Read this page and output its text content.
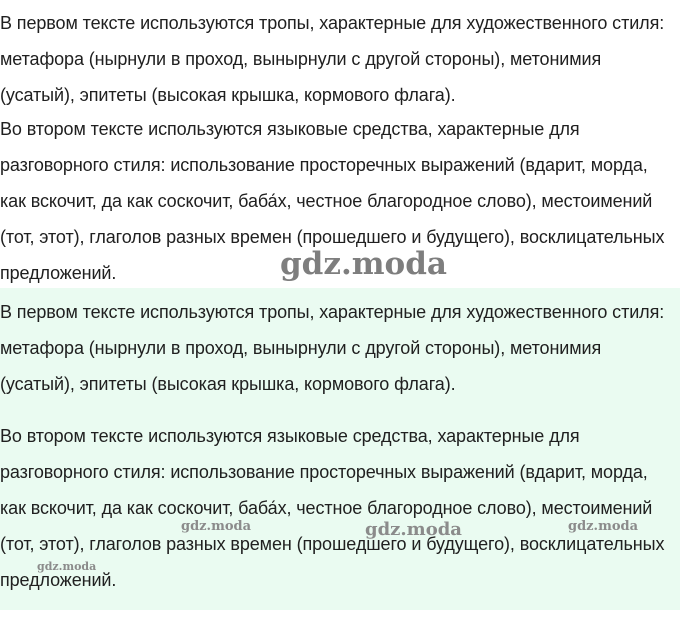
В первом тексте используются тропы, характерные для художественного стиля: метафора (нырнули в проход, вынырнули с другой стороны), метонимия (усатый), эпитеты (высокая крышка, кормового флага).

Во втором тексте используются языковые средства, характерные для разговорного стиля: использование просторечных выражений (вдарит, морда, как вскочит, да как соскочит, баба́х, честное благородное слово), местоимений (тот, этот), глаголов разных времен (прошедшего и будущего), восклицательных предложений.	gdz.moda

В первом тексте используются тропы, характерные для художественного стиля: метафора (нырнули в проход, вынырнули с другой стороны), метонимия (усатый), эпитеты (высокая крышка, кормового флага).

Во втором тексте используются языковые средства, характерные для разговорного стиля: использование просторечных выражений (вдарит, морда, как вскочит, да как соскочит, баба́х, честное благородное слово), местоимений (тот, этот), глаголов разных времен (прошедшего и будущего), восклицательных предложений.

gdz.moda	gdz.moda	gdz.moda
gdz.moda
